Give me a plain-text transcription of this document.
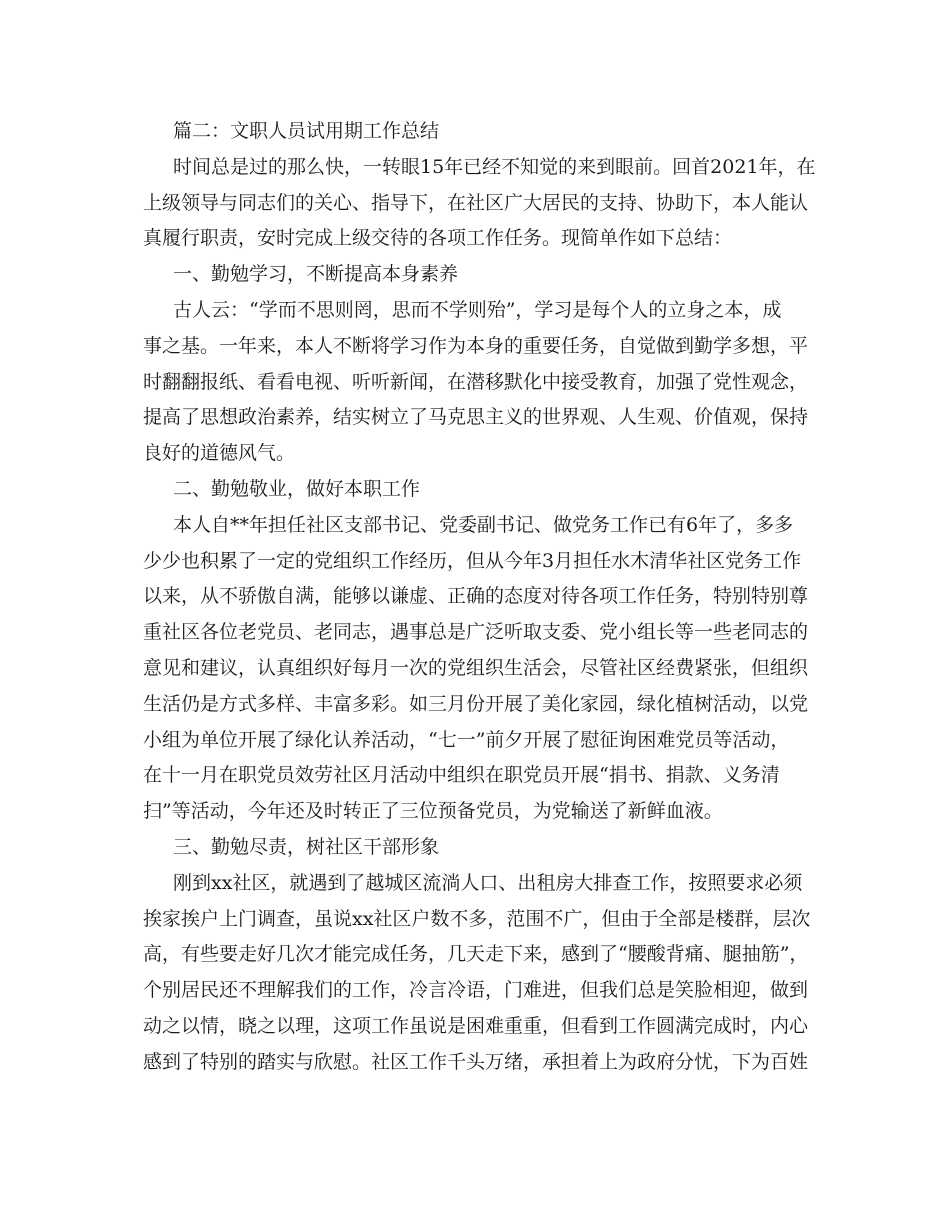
篇二：文职人员试用期工作总结
时间总是过的那么快，一转眼15年已经不知觉的来到眼前。回首2021年，在
上级领导与同志们的关心、指导下，在社区广大居民的支持、协助下，本人能认
真履行职责，安时完成上级交待的各项工作任务。现简单作如下总结：
一、勤勉学习，不断提高本身素养
古人云：“学而不思则罔，思而不学则殆”，学习是每个人的立身之本，成
事之基。一年来，本人不断将学习作为本身的重要任务，自觉做到勤学多想，平
时翻翻报纸、看看电视、听听新闻，在潜移默化中接受教育，加强了党性观念，
提高了思想政治素养，结实树立了马克思主义的世界观、人生观、价值观，保持
良好的道德风气。
二、勤勉敬业，做好本职工作
本人自**年担任社区支部书记、党委副书记、做党务工作已有6年了，多多
少少也积累了一定的党组织工作经历，但从今年3月担任水木清华社区党务工作
以来，从不骄傲自满，能够以谦虚、正确的态度对待各项工作任务，特别特别尊
重社区各位老党员、老同志，遇事总是广泛听取支委、党小组长等一些老同志的
意见和建议，认真组织好每月一次的党组织生活会，尽管社区经费紧张，但组织
生活仍是方式多样、丰富多彩。如三月份开展了美化家园，绿化植树活动，以党
小组为单位开展了绿化认养活动，“七一”前夕开展了慰征询困难党员等活动，
在十一月在职党员效劳社区月活动中组织在职党员开展“捐书、捐款、义务清
扫”等活动，今年还及时转正了三位预备党员，为党输送了新鲜血液。
三、勤勉尽责，树社区干部形象
刚到xx社区，就遇到了越城区流淌人口、出租房大排查工作，按照要求必须
挨家挨户上门调查，虽说xx社区户数不多，范围不广，但由于全部是楼群，层次
高，有些要走好几次才能完成任务，几天走下来，感到了“腰酸背痛、腿抽筋”，
个别居民还不理解我们的工作，冷言冷语，门难进，但我们总是笑脸相迎，做到
动之以情，晓之以理，这项工作虽说是困难重重，但看到工作圆满完成时，内心
感到了特别的踏实与欣慰。社区工作千头万绪，承担着上为政府分忧，下为百姓
